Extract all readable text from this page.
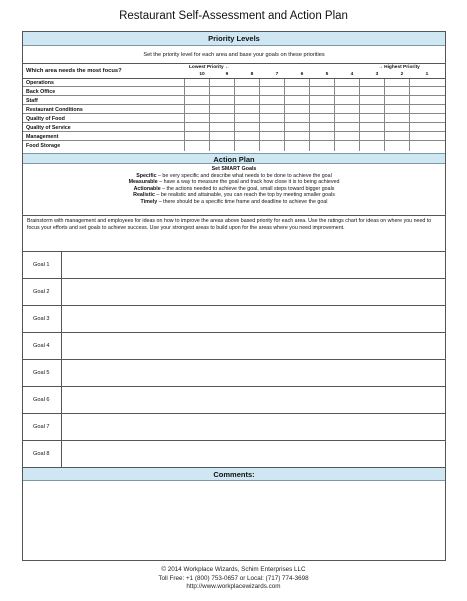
Restaurant Self-Assessment and Action Plan
Priority Levels
Set the priority level for each area and base your goals on these priorities
Which area needs the most focus?
Lowest Priority ←	→ Highest Priority
10	9	8	7	6	5	4	3	2	1
Operations
Back Office
Staff
Restaurant Conditions
Quality of Food
Quality of Service
Management
Food Storage
Action Plan
Set SMART Goals
Specific – be very specific and describe what needs to be done to achieve the goal
Measurable – have a way to measure the goal and track how close it is to being achieved
Actionable – the actions needed to achieve the goal, small steps toward bigger goals
Realistic – be realistic and attainable, you can reach the top by meeting smaller goals
Timely – there should be a specific time frame and deadline to achieve the goal
Brainstorm with management and employees for ideas on how to improve the areas above based priority for each area. Use the ratings chart for ideas on where you need to focus your efforts and set goals to achieve success. Use your strongest areas to build upon for the areas where you need improvement.
Goal 1
Goal 2
Goal 3
Goal 4
Goal 5
Goal 6
Goal 7
Goal 8
Comments:
© 2014 Workplace Wizards, Schim Enterprises LLC
Toll Free: +1 (800) 753-0657 or Local: (717) 774-3698
http://www.workplacewizards.com
